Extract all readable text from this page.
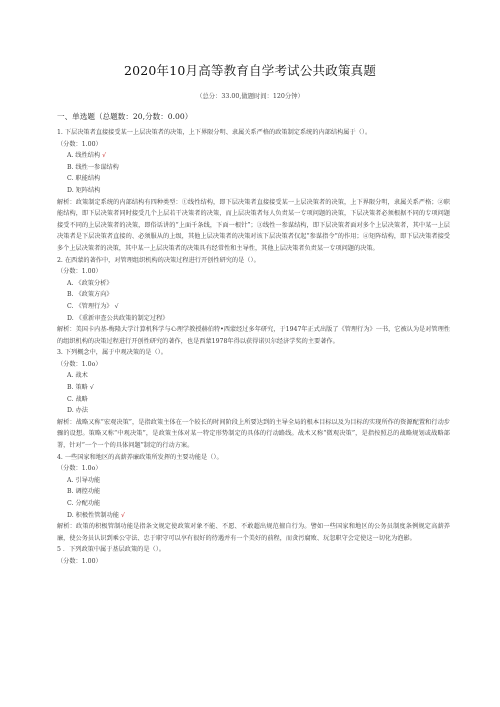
2020年10月高等教育自学考试公共政策真题
（总分：33.00,做题时间：120分钟）
一、单选题（总题数：20,分数：0.00）

1. 下层决策者直接接受某一上层决策者的决策，上下界限分明、隶属关系严格的政策制定系统的内部结构属于（）。

（分数：1.00）

A. 线性结构 √

B. 线性一参谋结构

C. 职能结构

D. 矩阵结构

解析：政策制定系统的内部结构有四种类型：①线性结构，即下层决策者直接接受某一上层决策者的决策，上下界限分明，隶属关系严格；②职能结构，即下层决策者同时接受几个上层若干决策者的决策，而上层决策者每人负责某一专项问题的决策，下层决策者必须根据不同的专项问题接受不同的上层决策者的决策，即俗话讲的“上面千条线，下面一根针”；③线性一参谋结构，即下层决策者面对多个上层决策者，其中某一上层决策者是下层决策者直接的、必须服从的上级，其他上层决策者的决策对该下层决策者仅起“参谋指令”的作用；④矩阵结构，即下层决策者接受多个上层决策者的决策，其中某一上层决策者的决策具有经常性和主导性，其他上层决策者负责某一专项问题的决策。

2. 在西蒙的著作中，对管理组织机构的决策过程进行开创性研究的是（）。

（分数：1.00）

A. 《政策分析》

B. 《政策方向》

C. 《管理行为》 √

D. 《重新审查公共政策的制定过程》

解析：美国卡内基-梅隆大学计算机科学与心理学教授赫伯特•西蒙经过多年研究，于1947年正式出版了《管理行为》一书，它被认为是对管理性的组织机构的决策过程进行开创性研究的著作，也是西蒙1978年得以获得诺贝尔经济学奖的主要著作。

3. 下列概念中，属于中观决策的是（）。

（分数：1.0o）

A. 战术

B. 策略 √

C. 战略

D. 办法

解析：战略又称“宏观决策”，是指政策主体在一个较长的时间阶段上所要达到的主导全局的根本目标以及为目标的实现所作的资源配置和行动步骤的设想。策略又称“中观决策”，是政策主体对某一特定形势制定的具体的行动路线。战术又称“微观决策”，是指按照总的战略规划或战略部署，针对“一个一个的具体问题”制定的行动方案。

4. 一些国家和地区的高薪养廉政策所发挥的主要功能是（）。

（分数：1.0o）

A. 引导功能

B. 调控功能

C. 分配功能

D. 积极性管制功能 √

解析：政策的积极管制功能是指条文规定使政策对象不能、不愿、不敢超出规范擅自行为。譬如一些国家和地区的公务员制度条例规定高薪养廉，使公务员认识到乘公守法、忠于职守可以享有很好的待遇并有一个美好的前程，而贪污腐败、玩忽职守会定使这一切化为泡影。

5 ．下列政策中属于基层政策的是（）。

（分数：1.00）
